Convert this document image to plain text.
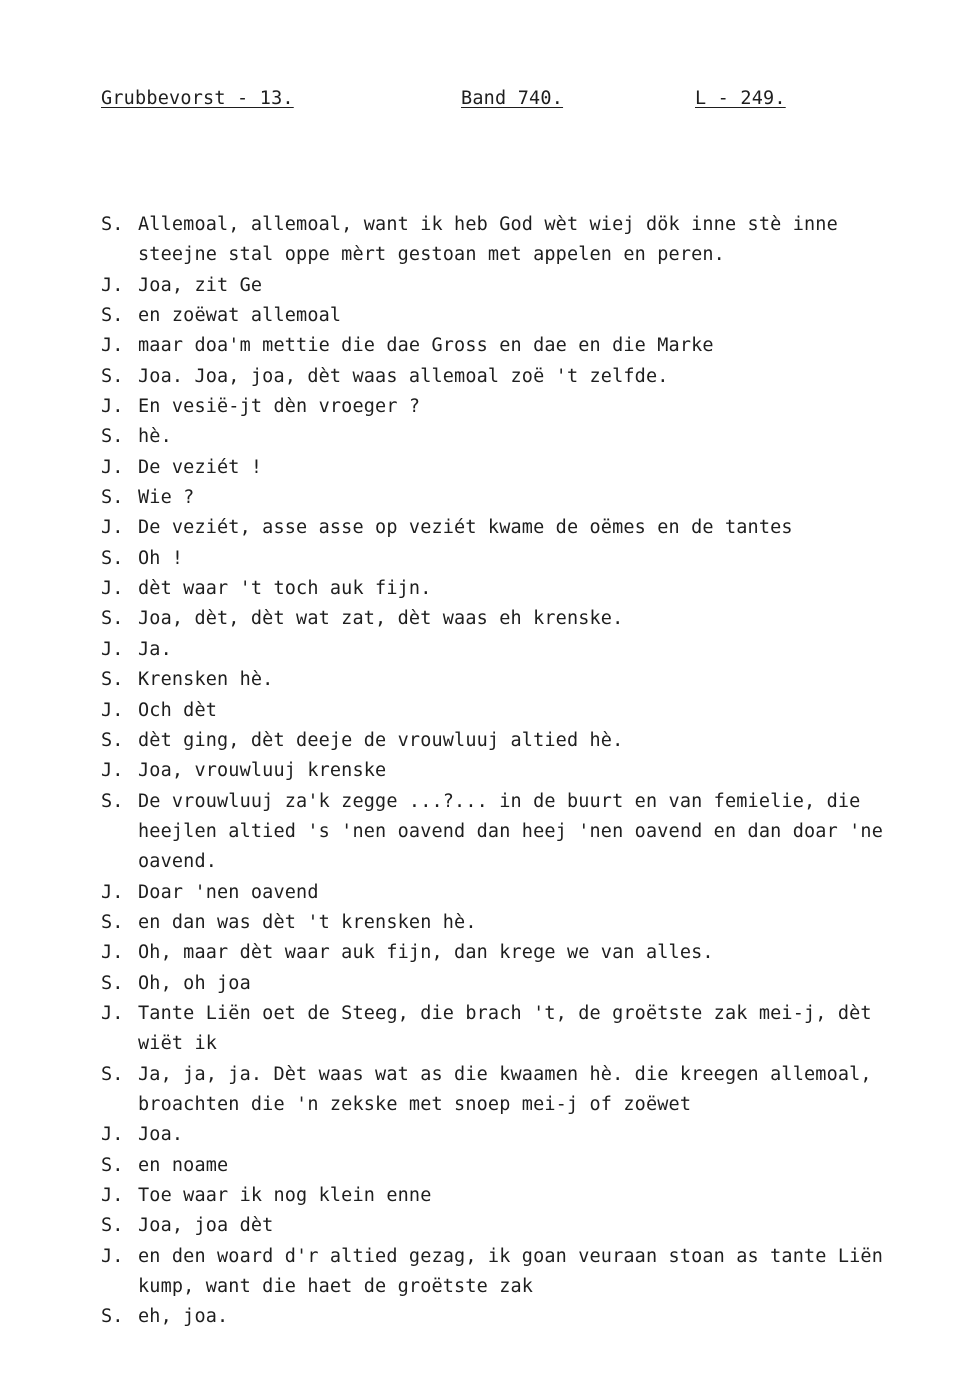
Grubbevorst - 13.	Band 740.	L - 249.
S. Allemoal, allemoal, want ik heb God wèt wiej dök inne stè inne steejne stal oppe mèrt gestoan met appelen en peren.
J. Joa, zit Ge
S. en zoëwat allemoal
J. maar doa'm mettie die dae Gross en dae en die Marke
S. Joa. Joa, joa, dèt waas allemoal zoë 't zelfde.
J. En vesië-jt dèn vroeger ?
S. hè.
J. De veziét !
S. Wie ?
J. De veziét, asse asse op veziét kwame de oëmes en de tantes
S. Oh !
J. dèt waar 't toch auk fijn.
S. Joa, dèt, dèt wat zat, dèt waas eh krenske.
J. Ja.
S. Krensken hè.
J. Och dèt
S. dèt ging, dèt deeje de vrouwluuj altied hè.
J. Joa, vrouwluuj krenske
S. De vrouwluuj za'k zegge ...?... in de buurt en van femielie, die heejlen altied 's 'nen oavend dan heej 'nen oavend en dan doar 'ne oavend.
J. Doar 'nen oavend
S. en dan was dèt 't krensken hè.
J. Oh, maar dèt waar auk fijn, dan krege we van alles.
S. Oh, oh joa
J. Tante Liën oet de Steeg, die brach 't, de groëtste zak mei-j, dèt wiët ik
S. Ja, ja, ja. Dèt waas wat as die kwaamen hè. die kreegen allemoal, broachten die 'n zekske met snoep mei-j of zoëwet
J. Joa.
S. en noame
J. Toe waar ik nog klein enne
S. Joa, joa dèt
J. en den woard d'r altied gezag, ik goan veuraan stoan as tante Liën kump, want die haet de groëtste zak
S. eh, joa.
